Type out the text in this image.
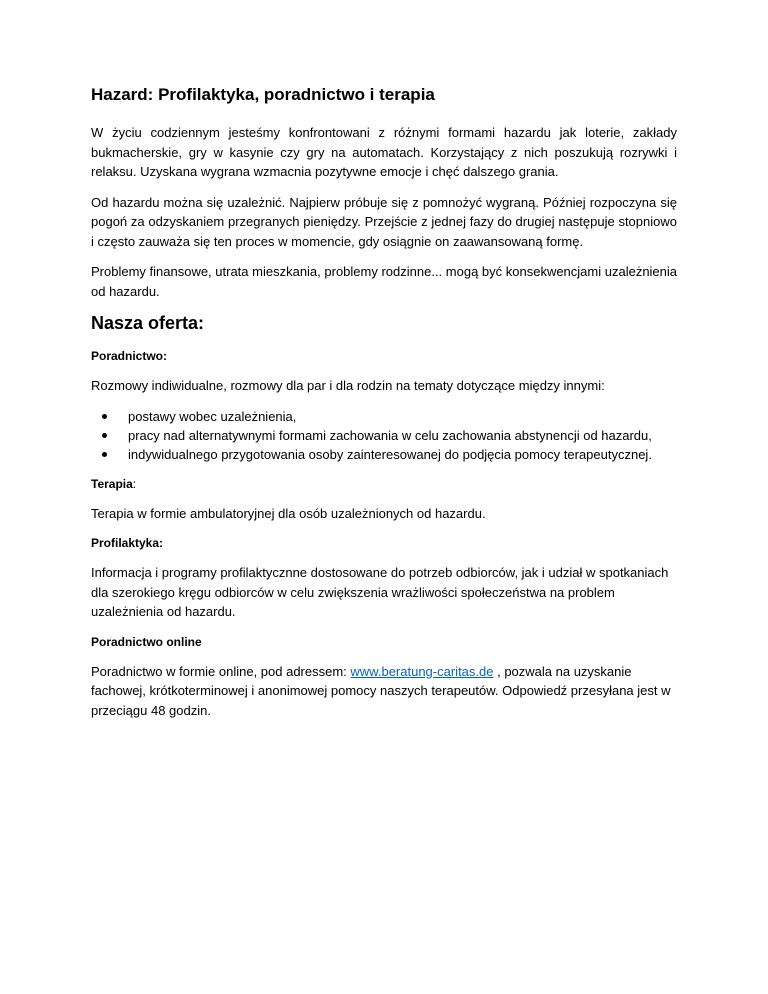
Hazard: Profilaktyka, poradnictwo i terapia

W życiu codziennym jesteśmy konfrontowani z różnymi formami hazardu jak loterie, zakłady bukmacherskie, gry w kasynie czy gry na automatach. Korzystający z nich poszukują rozrywki i relaksu. Uzyskana wygrana wzmacnia pozytywne emocje i chęć dalszego grania.

Od hazardu można się uzależnić. Najpierw próbuje się z pomnożyć wygraną. Później rozpoczyna się pogoń za odzyskaniem przegranych pieniędzy. Przejście z jednej fazy do drugiej następuje stopniowo i często zauważa się ten proces w momencie, gdy osiągnie on zaawansowaną formę.

Problemy finansowe, utrata mieszkania, problemy rodzinne... mogą być konsekwencjami uzależnienia od hazardu.

Nasza oferta:
Poradnictwo:

Rozmowy indiwidualne, rozmowy dla par i dla rodzin na tematy dotyczące między innymi:

postawy wobec uzależnienia,
pracy nad alternatywnymi formami zachowania w celu zachowania abstynencji od hazardu,
indywidualnego przygotowania osoby zainteresowanej do podjęcia pomocy terapeutycznej.
Terapia:

Terapia w formie ambulatoryjnej dla osób uzależnionych od hazardu.

Profilaktyka:

Informacja i programy profilaktycznne dostosowane do potrzeb odbiorców, jak i udział w spotkaniach dla szerokiego kręgu odbiorców w celu zwiększenia wrażliwości społeczeństwa na problem uzależnienia od hazardu.

Poradnictwo online

Poradnictwo w formie online, pod adressem: www.beratung-caritas.de , pozwala na uzyskanie fachowej, krótkoterminowej i anonimowej pomocy naszych terapeutów. Odpowiedź przesyłana jest w przeciągu 48 godzin.
